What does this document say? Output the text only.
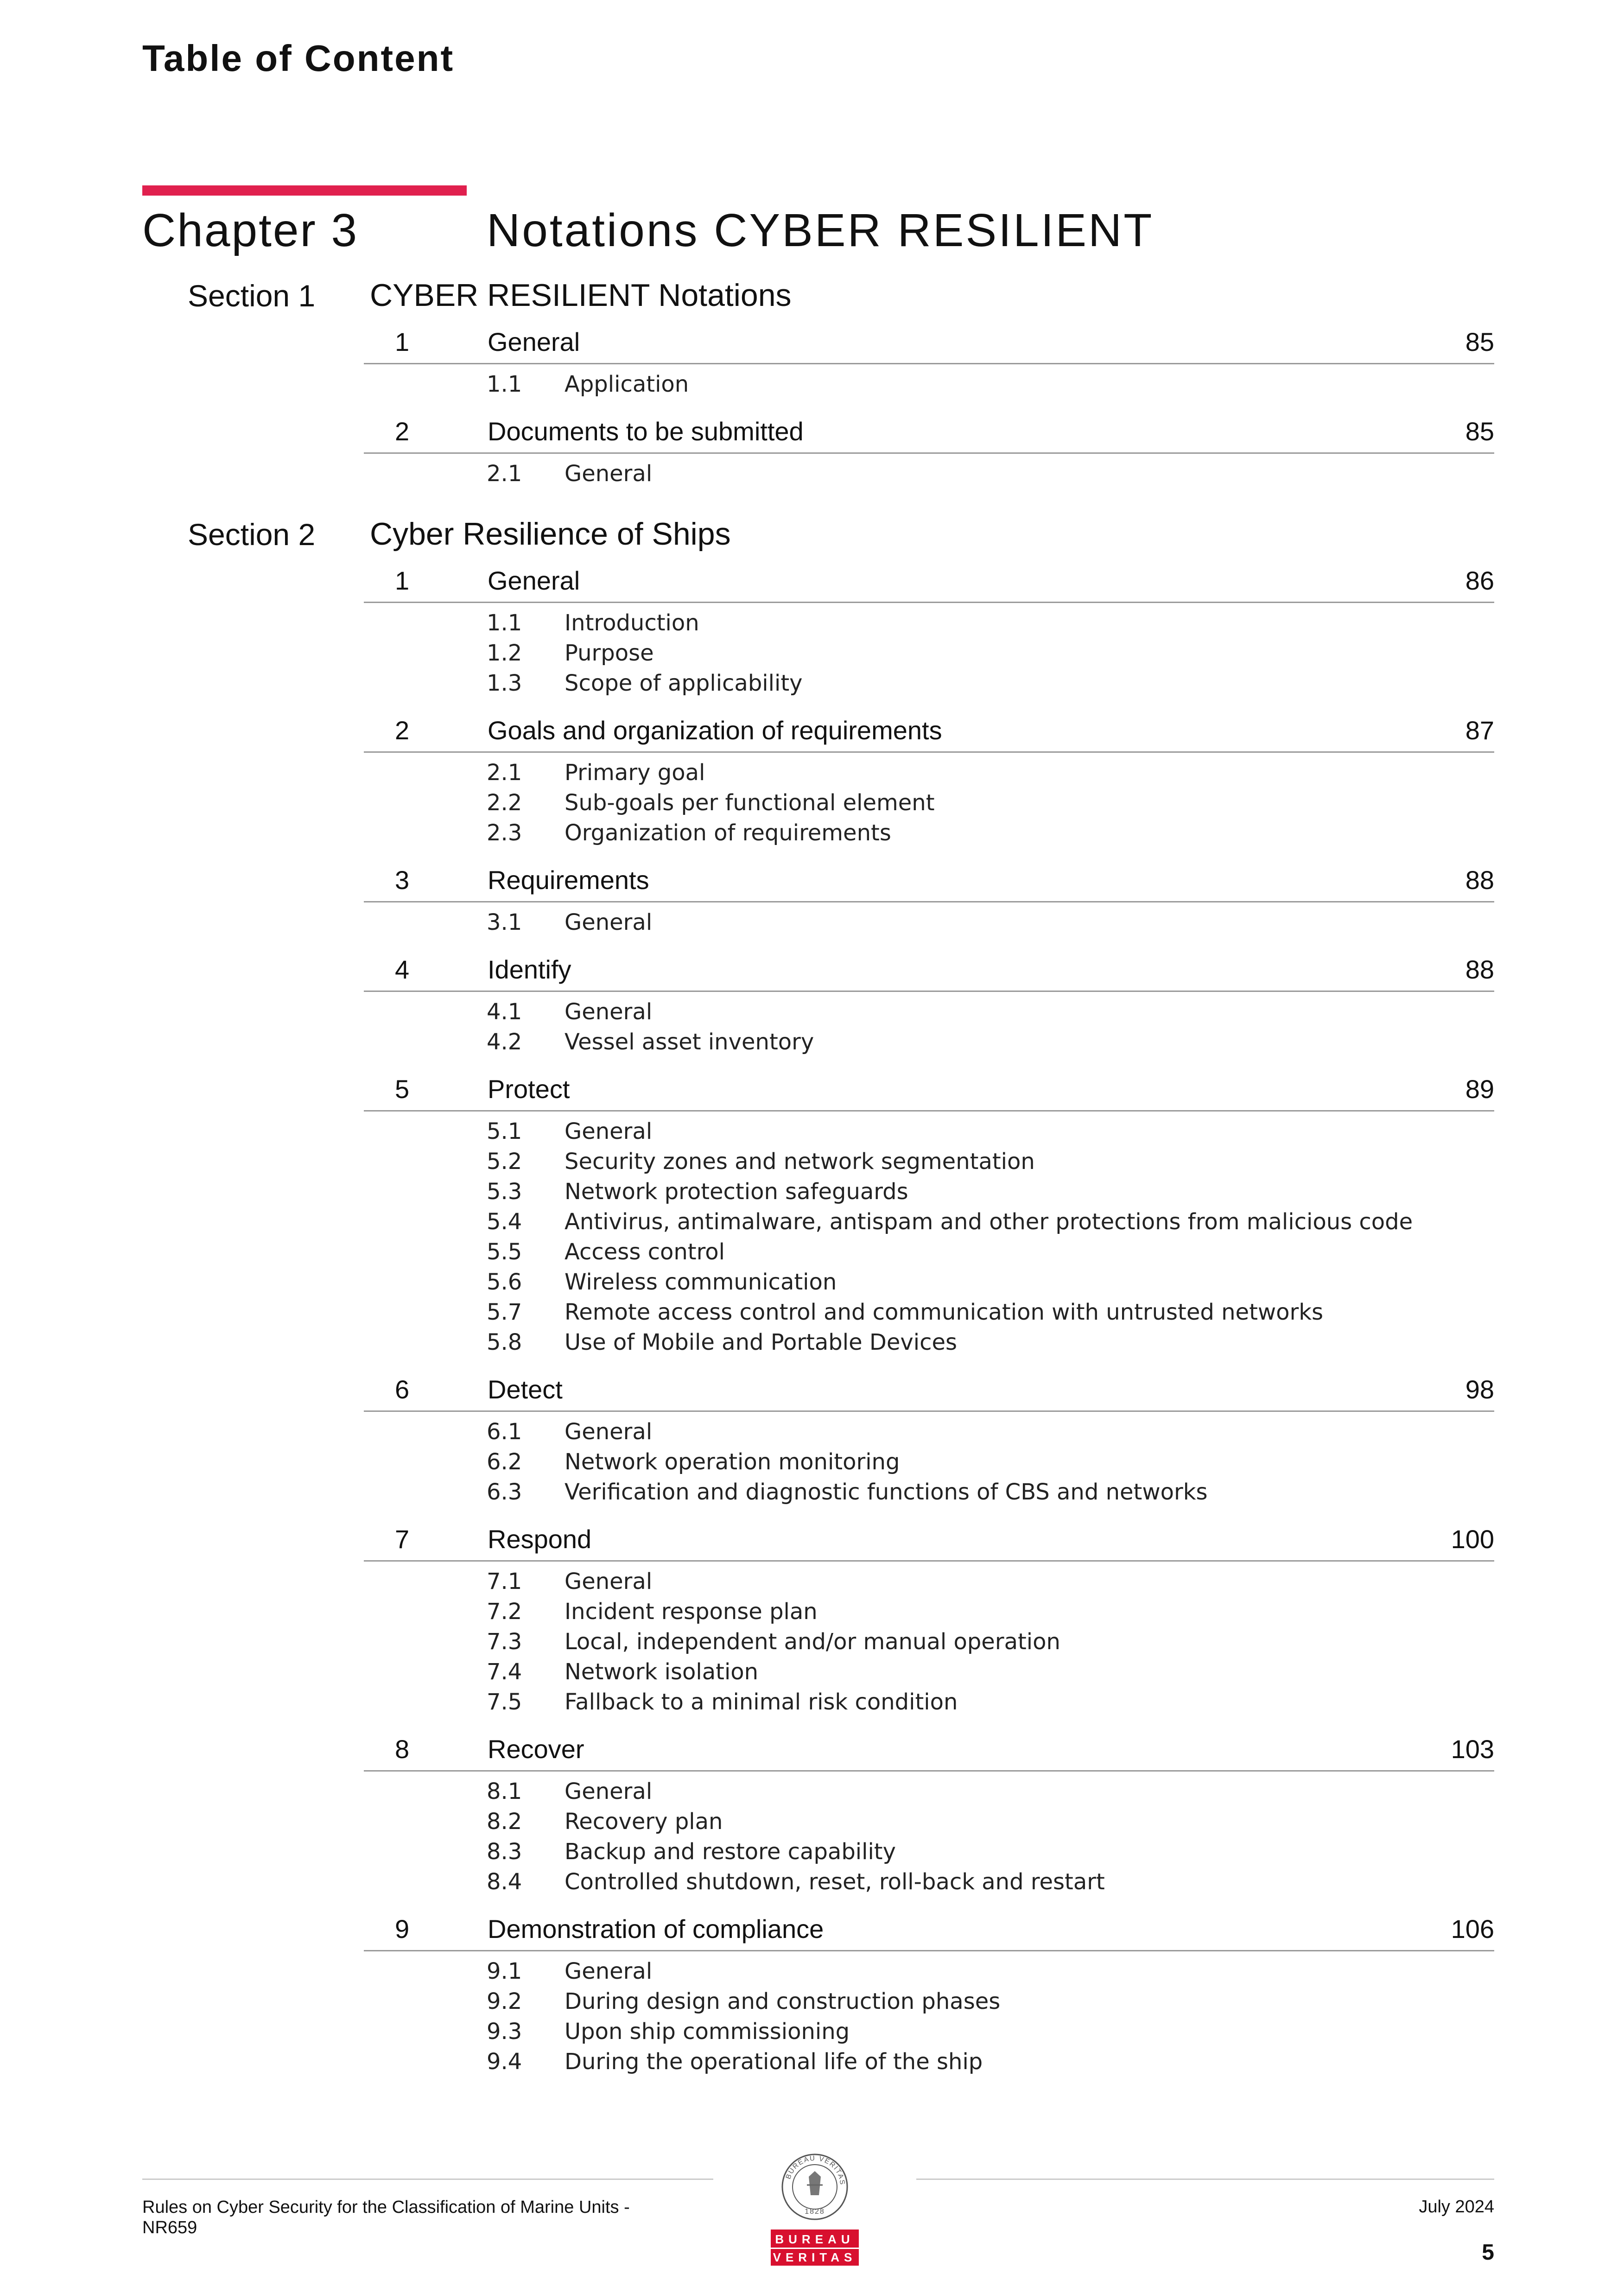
Table of Content
Chapter 3	Notations CYBER RESILIENT
Section 1 CYBER RESILIENT Notations
1	General	85
1.1 Application
2	Documents to be submitted	85
2.1 General
Section 2 Cyber Resilience of Ships
1	General	86
1.1 Introduction
1.2 Purpose
1.3 Scope of applicability
2	Goals and organization of requirements	87
2.1 Primary goal
2.2 Sub-goals per functional element
2.3 Organization of requirements
3	Requirements	88
3.1 General
4	Identify	88
4.1 General
4.2 Vessel asset inventory
5	Protect	89
5.1 General
5.2 Security zones and network segmentation
5.3 Network protection safeguards
5.4 Antivirus, antimalware, antispam and other protections from malicious code
5.5 Access control
5.6 Wireless communication
5.7 Remote access control and communication with untrusted networks
5.8 Use of Mobile and Portable Devices
6	Detect	98
6.1 General
6.2 Network operation monitoring
6.3 Verification and diagnostic functions of CBS and networks
7	Respond	100
7.1 General
7.2 Incident response plan
7.3 Local, independent and/or manual operation
7.4 Network isolation
7.5 Fallback to a minimal risk condition
8	Recover	103
8.1 General
8.2 Recovery plan
8.3 Backup and restore capability
8.4 Controlled shutdown, reset, roll-back and restart
9	Demonstration of compliance	106
9.1 General
9.2 During design and construction phases
9.3 Upon ship commissioning
9.4 During the operational life of the ship
Rules on Cyber Security for the Classification of Marine Units -
NR659
July 2024
5
BUREAU VERITAS
1828
BUREAU
VERITAS
